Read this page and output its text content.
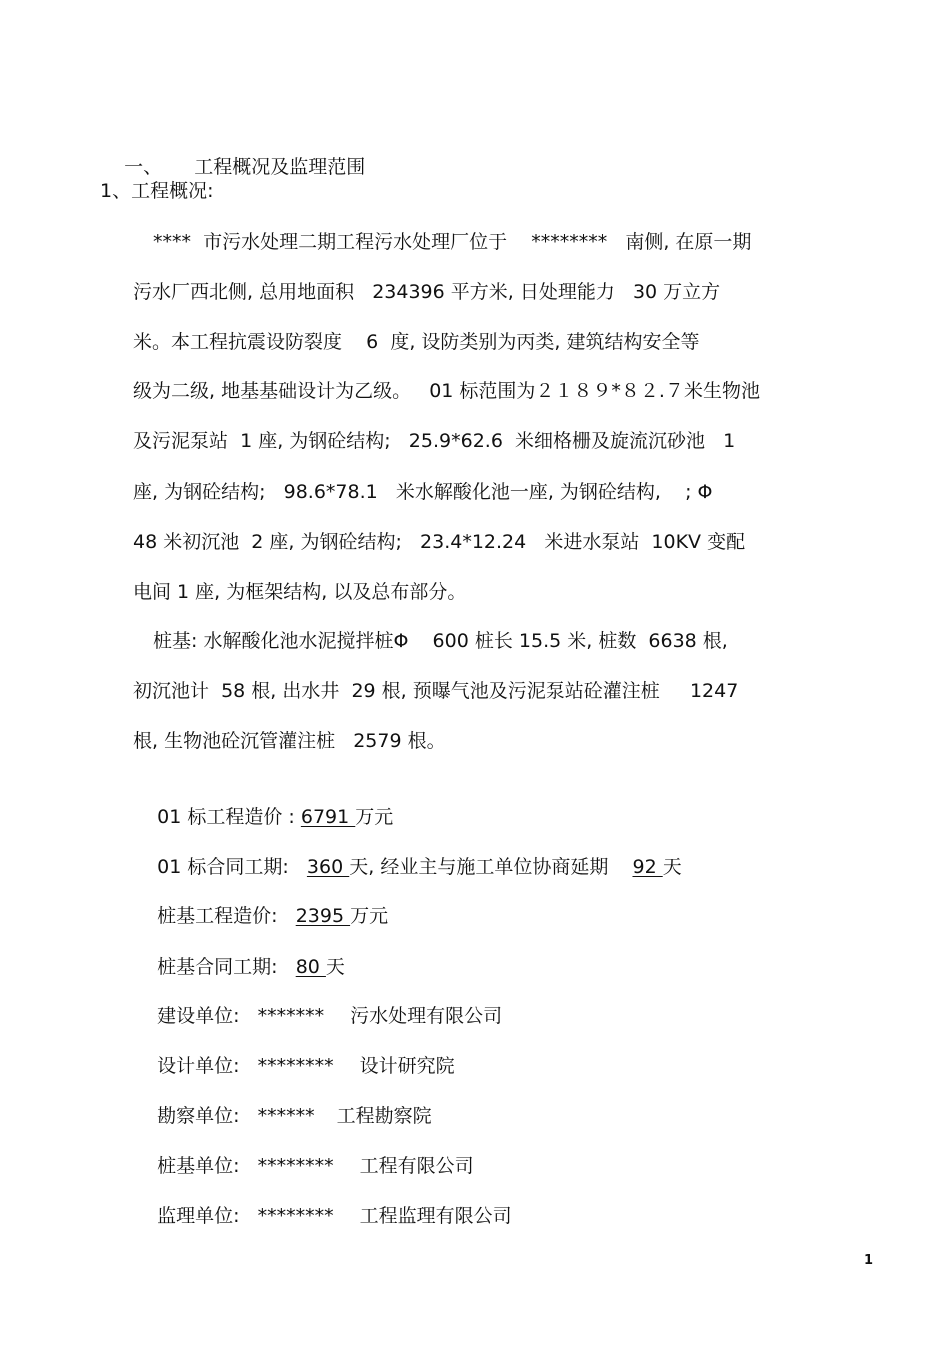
一、 工程概况及监理范围

1、工程概况:
****  市污水处理二期工程污水处理厂位于    ********   南侧, 在原一期
污水厂西北侧, 总用地面积   234396 平方米, 日处理能力   30 万立方
米。本工程抗震设防裂度    6  度, 设防类别为丙类, 建筑结构安全等
级为二级, 地基基础设计为乙级。   01 标范围为２１８９*８２.７米生物池
及污泥泵站  1 座, 为钢砼结构;   25.9*62.6  米细格栅及旋流沉砂池   1
座, 为钢砼结构;   98.6*78.1   米水解酸化池一座, 为钢砼结构,    ; Φ
48 米初沉池  2 座, 为钢砼结构;   23.4*12.24   米进水泵站  10KV 变配
电间 1 座, 为框架结构, 以及总布部分。
桩基: 水解酸化池水泥搅拌桩Φ    600 桩长 15.5 米, 桩数  6638 根,
初沉池计  58 根, 出水井  29 根, 预曝气池及污泥泵站砼灌注桩     1247
根, 生物池砼沉管灌注桩   2579 根。

01 标工程造价 : 6791 万元

01 标合同工期:   360 天, 经业主与施工单位协商延期    92 天

桩基工程造价:   2395 万元

桩基合同工期:   80 天

建设单位: ******* 污水处理有限公司

设计单位: ******** 设计研究院

勘察单位: ****** 工程勘察院

桩基单位: ******** 工程有限公司

监理单位: ******** 工程监理有限公司

1
